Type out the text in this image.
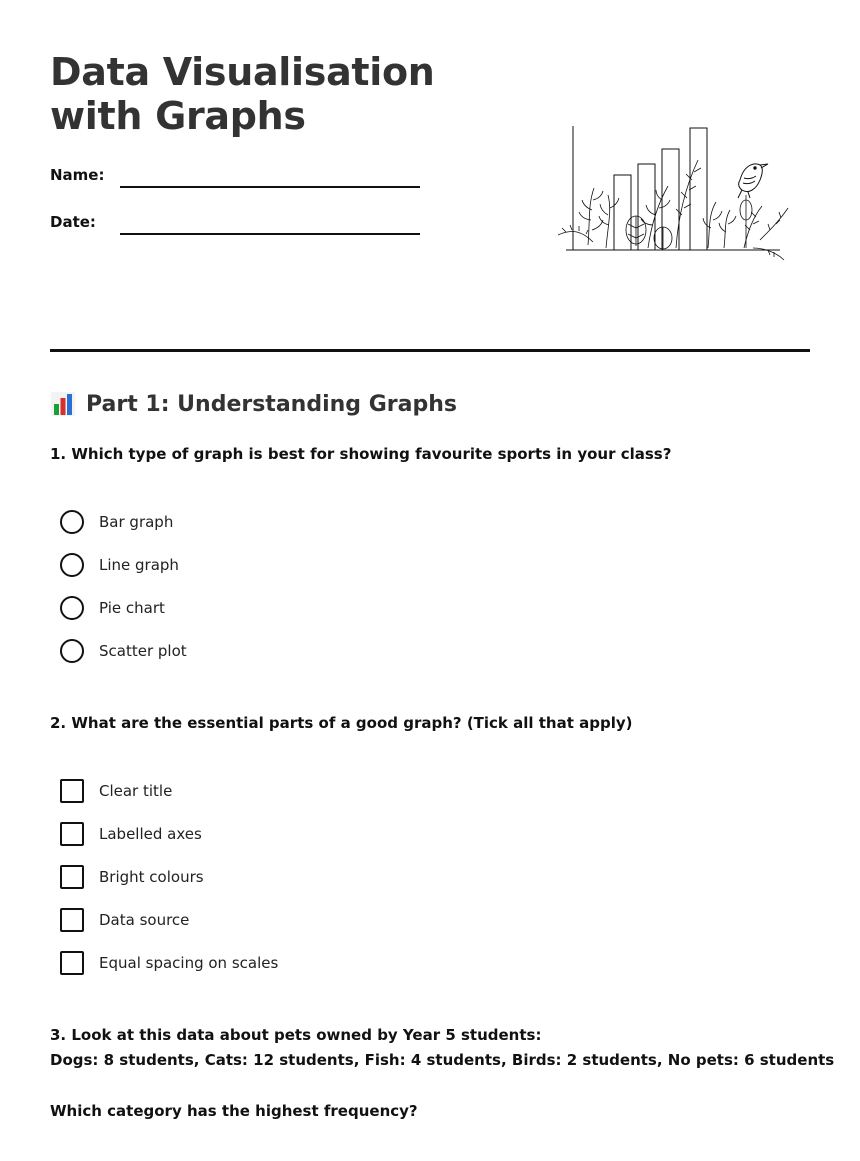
Data Visualisation with Graphs
Name:
Date:
Part 1: Understanding Graphs

1. Which type of graph is best for showing favourite sports in your class?

Bar graph
Line graph
Pie chart
Scatter plot

2. What are the essential parts of a good graph? (Tick all that apply)

Clear title
Labelled axes
Bright colours
Data source
Equal spacing on scales

3. Look at this data about pets owned by Year 5 students:

Dogs: 8 students, Cats: 12 students, Fish: 4 students, Birds: 2 students, No pets: 6 students

Which category has the highest frequency?
